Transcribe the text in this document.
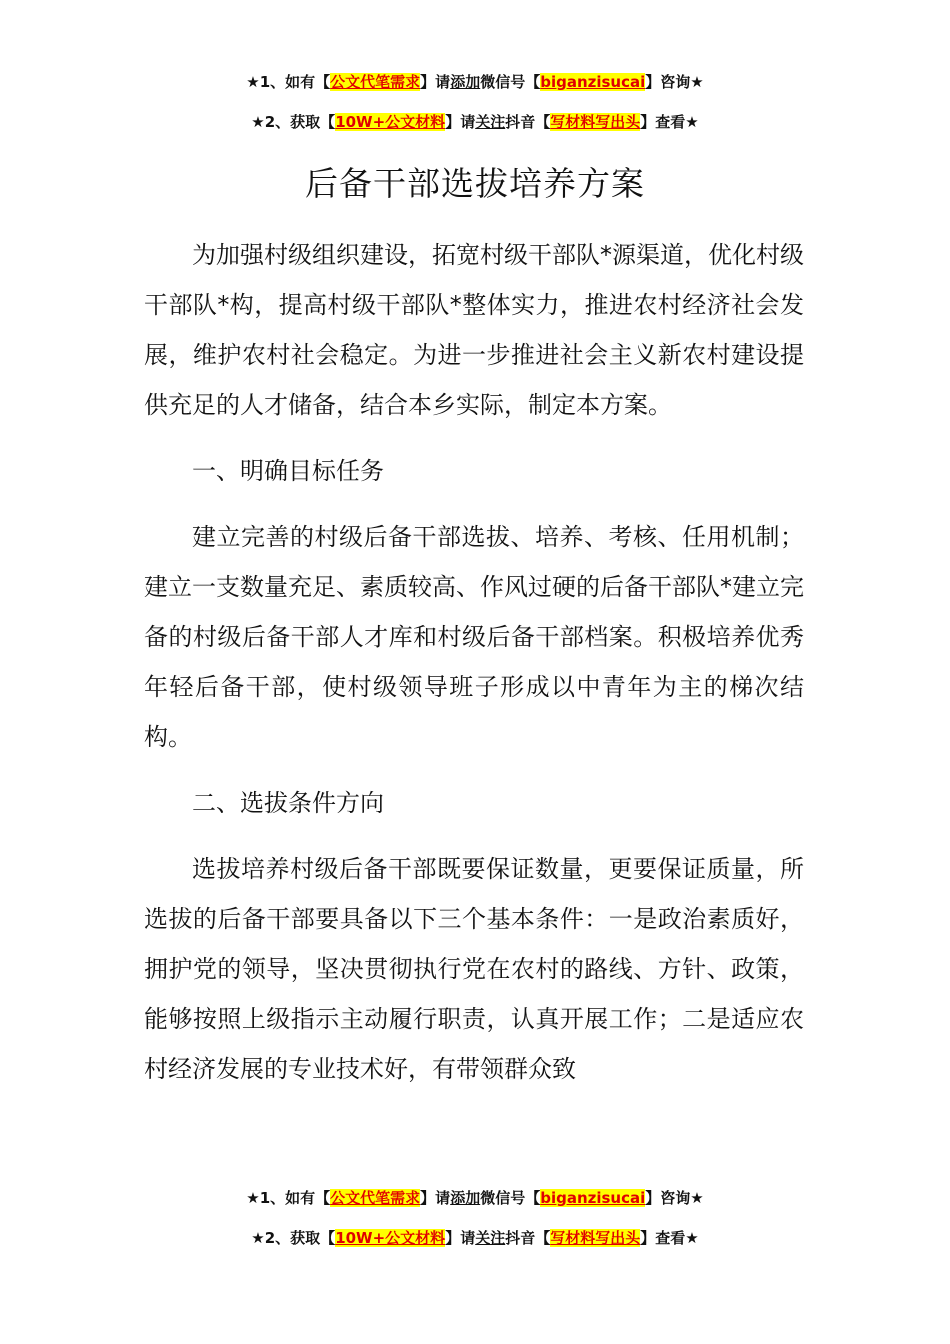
★1、如有【公文代笔需求】请添加微信号【biganzisucai】咨询★
★2、获取【10W+公文材料】请关注抖音【写材料写出头】查看★
后备干部选拔培养方案

为加强村级组织建设，拓宽村级干部队*源渠道，优化村级干部队*构，提高村级干部队*整体实力，推进农村经济社会发展，维护农村社会稳定。为进一步推进社会主义新农村建设提供充足的人才储备，结合本乡实际，制定本方案。

一、明确目标任务

建立完善的村级后备干部选拔、培养、考核、任用机制；建立一支数量充足、素质较高、作风过硬的后备干部队*建立完备的村级后备干部人才库和村级后备干部档案。积极培养优秀年轻后备干部，使村级领导班子形成以中青年为主的梯次结构。

二、选拔条件方向

选拔培养村级后备干部既要保证数量，更要保证质量，所选拔的后备干部要具备以下三个基本条件：一是政治素质好，拥护党的领导，坚决贯彻执行党在农村的路线、方针、政策，能够按照上级指示主动履行职责，认真开展工作；二是适应农村经济发展的专业技术好，有带领群众致

★1、如有【公文代笔需求】请添加微信号【biganzisucai】咨询★
★2、获取【10W+公文材料】请关注抖音【写材料写出头】查看★
